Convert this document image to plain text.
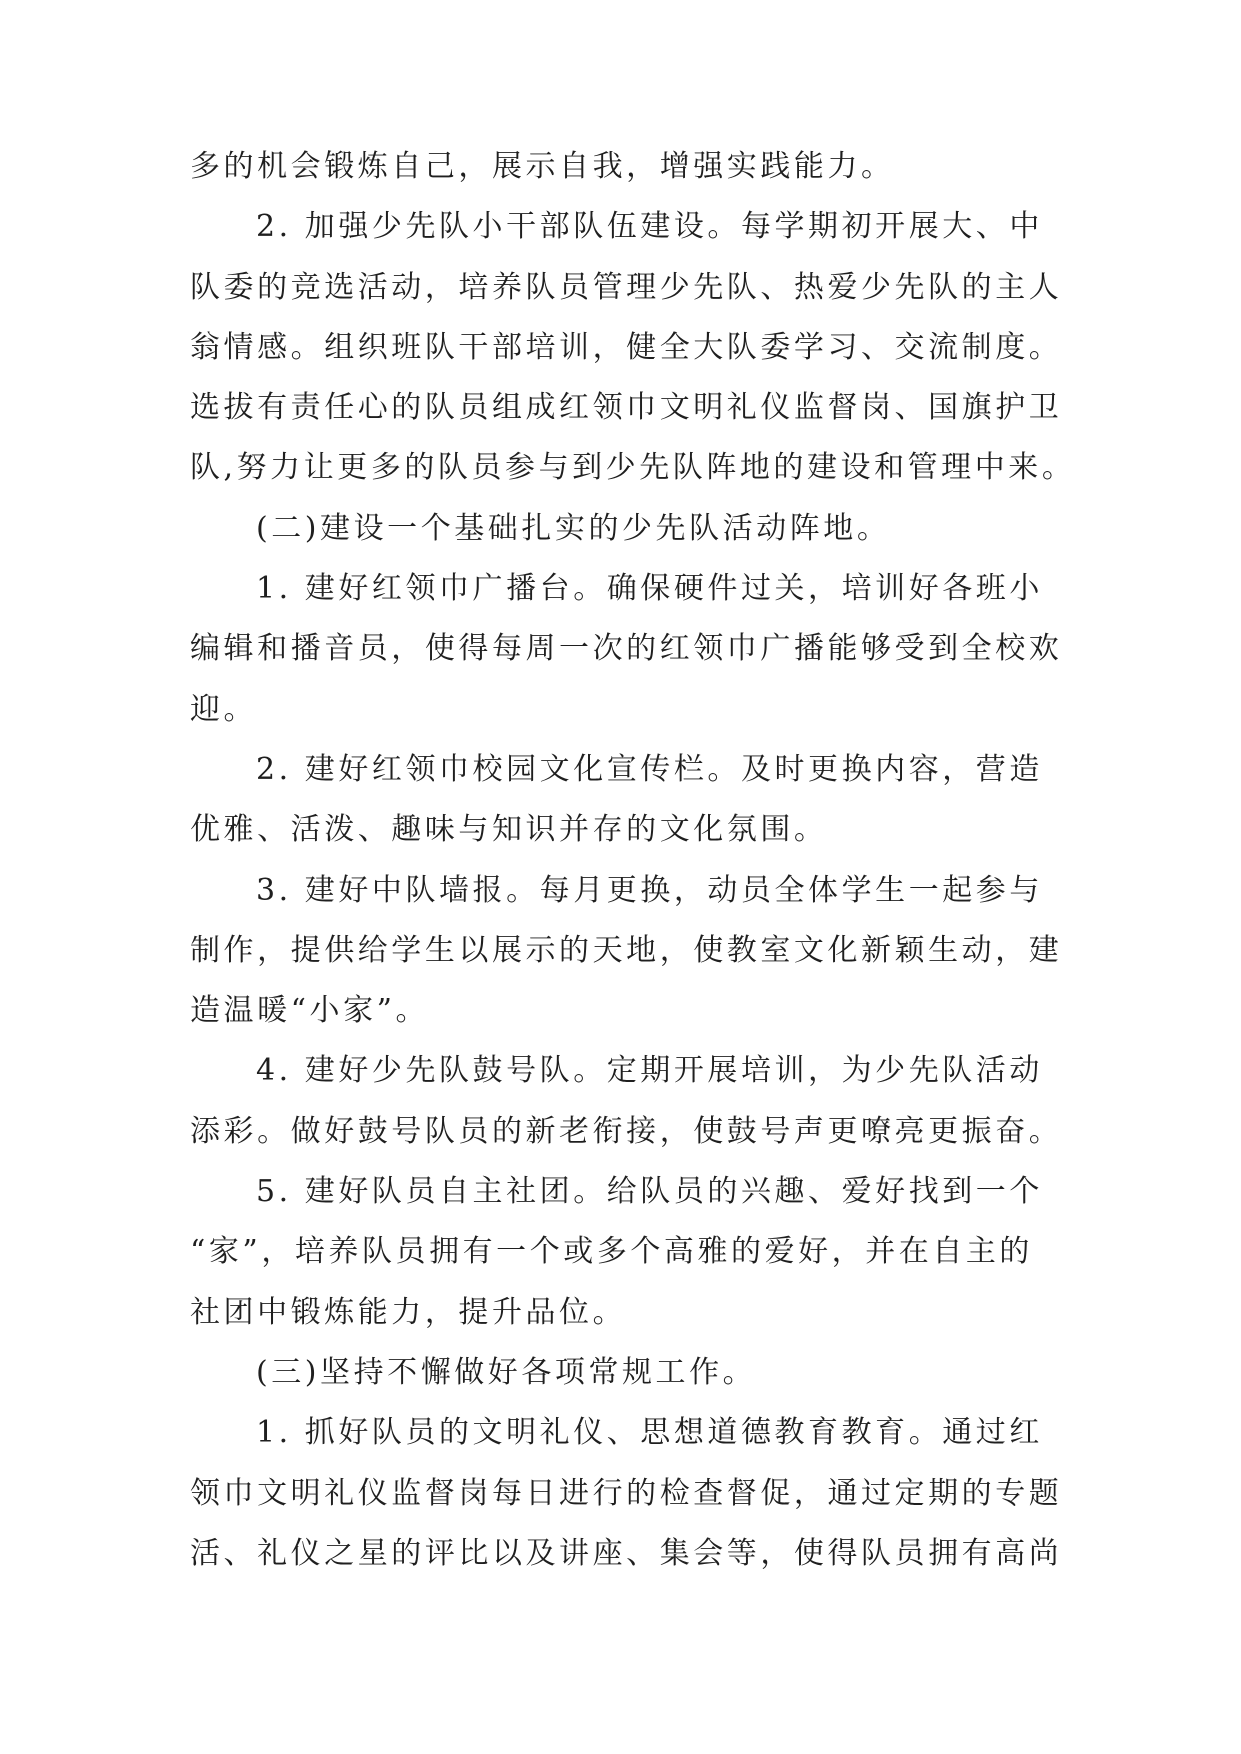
多的机会锻炼自己，展示自我，增强实践能力。
2. 加强少先队小干部队伍建设。每学期初开展大、中
队委的竞选活动，培养队员管理少先队、热爱少先队的主人
翁情感。组织班队干部培训，健全大队委学习、交流制度。
选拔有责任心的队员组成红领巾文明礼仪监督岗、国旗护卫
队,努力让更多的队员参与到少先队阵地的建设和管理中来。
(二)建设一个基础扎实的少先队活动阵地。
1. 建好红领巾广播台。确保硬件过关，培训好各班小
编辑和播音员，使得每周一次的红领巾广播能够受到全校欢
迎。
2. 建好红领巾校园文化宣传栏。及时更换内容，营造
优雅、活泼、趣味与知识并存的文化氛围。
3. 建好中队墙报。每月更换，动员全体学生一起参与
制作，提供给学生以展示的天地，使教室文化新颖生动，建
造温暖“小家”。
4. 建好少先队鼓号队。定期开展培训，为少先队活动
添彩。做好鼓号队员的新老衔接，使鼓号声更嘹亮更振奋。
5. 建好队员自主社团。给队员的兴趣、爱好找到一个
“家”，培养队员拥有一个或多个高雅的爱好，并在自主的
社团中锻炼能力，提升品位。
(三)坚持不懈做好各项常规工作。
1. 抓好队员的文明礼仪、思想道德教育教育。通过红
领巾文明礼仪监督岗每日进行的检查督促，通过定期的专题
活、礼仪之星的评比以及讲座、集会等，使得队员拥有高尚
